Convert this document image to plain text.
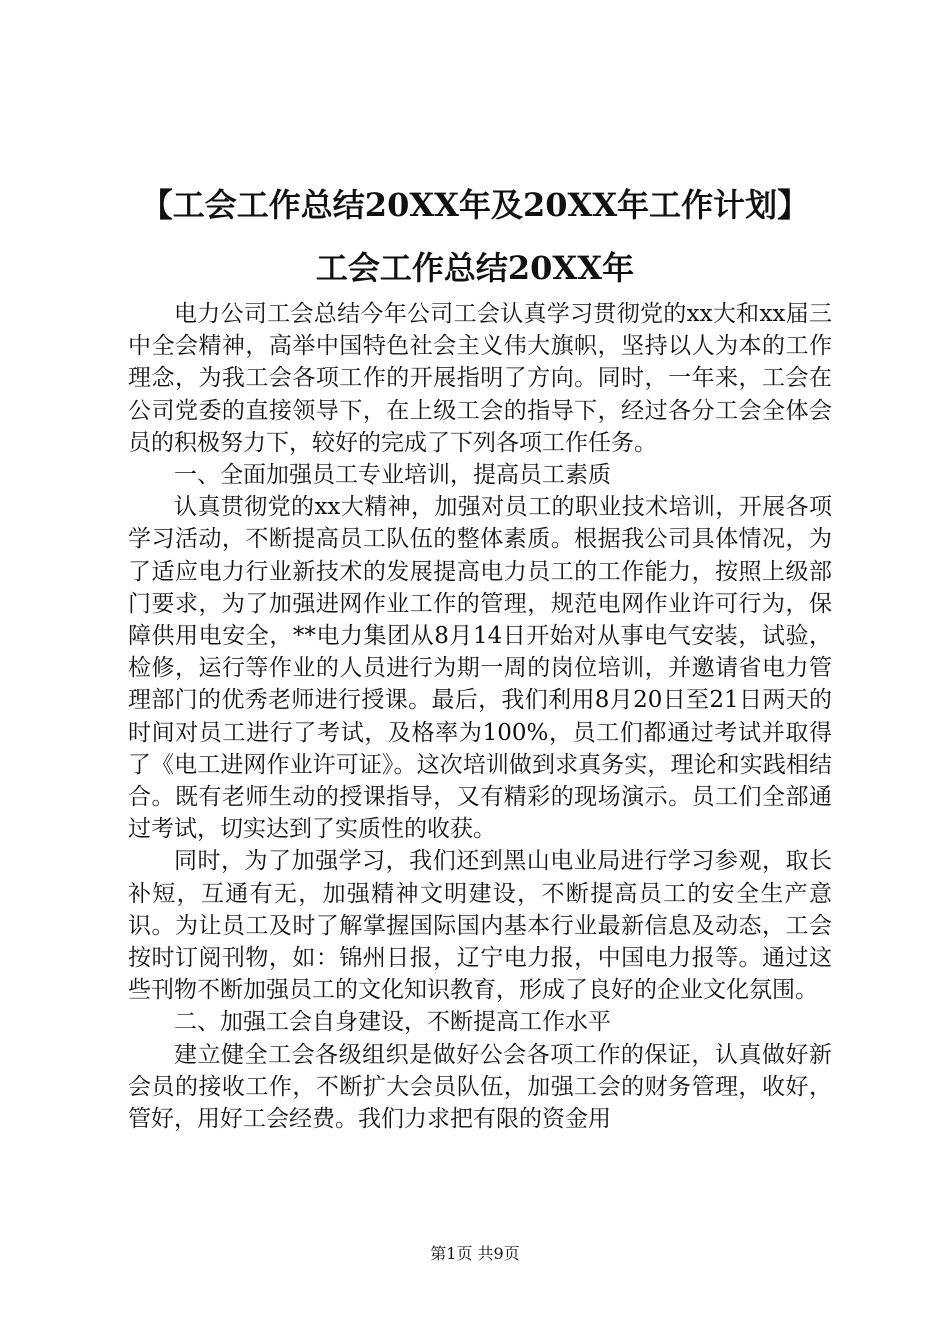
【工会工作总结20XX年及20XX年工作计划】
工会工作总结20XX年

电力公司工会总结今年公司工会认真学习贯彻党的xx大和xx届三中全会精神，高举中国特色社会主义伟大旗帜，坚持以人为本的工作理念，为我工会各项工作的开展指明了方向。同时，一年来，工会在公司党委的直接领导下，在上级工会的指导下，经过各分工会全体会员的积极努力下，较好的完成了下列各项工作任务。

一、全面加强员工专业培训，提高员工素质

认真贯彻党的xx大精神，加强对员工的职业技术培训，开展各项学习活动，不断提高员工队伍的整体素质。根据我公司具体情况，为了适应电力行业新技术的发展提高电力员工的工作能力，按照上级部门要求，为了加强进网作业工作的管理，规范电网作业许可行为，保障供用电安全，**电力集团从8月14日开始对从事电气安装，试验，检修，运行等作业的人员进行为期一周的岗位培训，并邀请省电力管理部门的优秀老师进行授课。最后，我们利用8月20日至21日两天的时间对员工进行了考试，及格率为100%，员工们都通过考试并取得了《电工进网作业许可证》。这次培训做到求真务实，理论和实践相结合。既有老师生动的授课指导，又有精彩的现场演示。员工们全部通过考试，切实达到了实质性的收获。

同时，为了加强学习，我们还到黑山电业局进行学习参观，取长补短，互通有无，加强精神文明建设，不断提高员工的安全生产意识。为让员工及时了解掌握国际国内基本行业最新信息及动态，工会按时订阅刊物，如：锦州日报，辽宁电力报，中国电力报等。通过这些刊物不断加强员工的文化知识教育，形成了良好的企业文化氛围。

二、加强工会自身建设，不断提高工作水平

建立健全工会各级组织是做好公会各项工作的保证，认真做好新会员的接收工作，不断扩大会员队伍，加强工会的财务管理，收好，管好，用好工会经费。我们力求把有限的资金用

第1页 共9页
